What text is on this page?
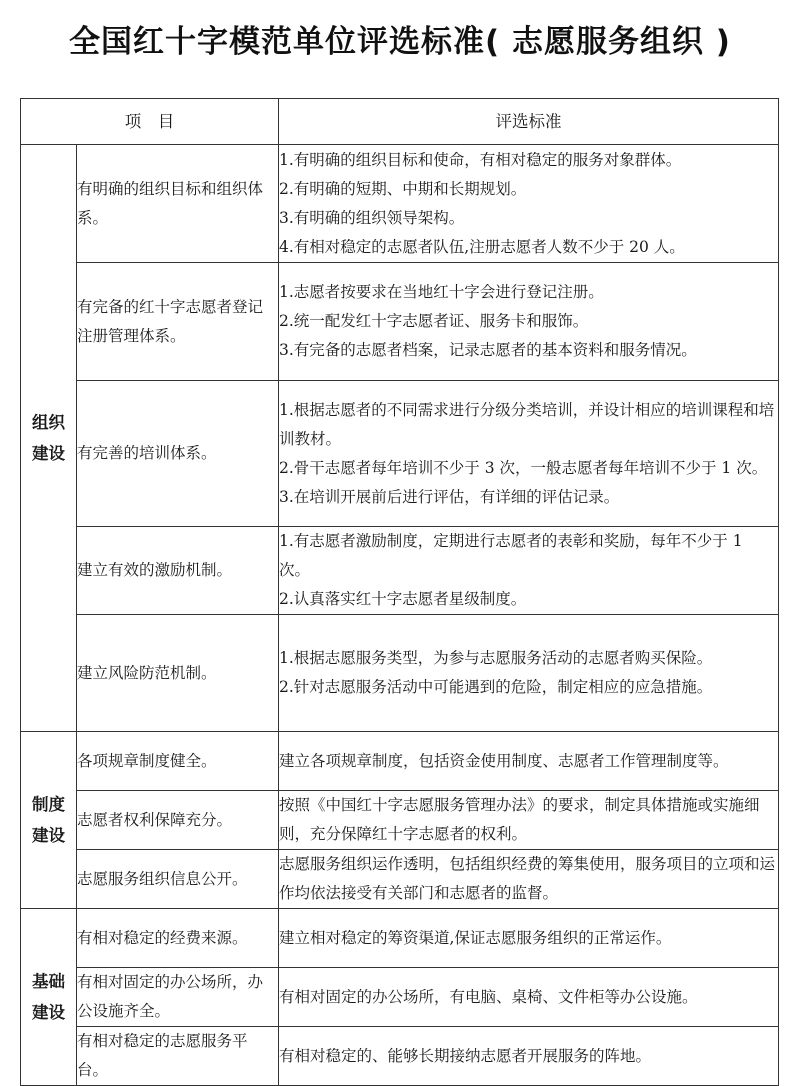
全国红十字模范单位评选标准( 志愿服务组织 )
项　目		评选标准

组织
建设	有明确的组织目标和组织体系。	1.有明确的组织目标和使命，有相对稳定的服务对象群体。
2.有明确的短期、中期和长期规划。
3.有明确的组织领导架构。
4.有相对稳定的志愿者队伍,注册志愿者人数不少于 20 人。

	有完备的红十字志愿者登记注册管理体系。	1.志愿者按要求在当地红十字会进行登记注册。
2.统一配发红十字志愿者证、服务卡和服饰。
3.有完备的志愿者档案，记录志愿者的基本资料和服务情况。

	有完善的培训体系。	1.根据志愿者的不同需求进行分级分类培训，并设计相应的培训课程和培训教材。
2.骨干志愿者每年培训不少于 3 次，一般志愿者每年培训不少于 1 次。
3.在培训开展前后进行评估，有详细的评估记录。

	建立有效的激励机制。	1.有志愿者激励制度，定期进行志愿者的表彰和奖励，每年不少于 1 次。
2.认真落实红十字志愿者星级制度。

	建立风险防范机制。	1.根据志愿服务类型，为参与志愿服务活动的志愿者购买保险。
2.针对志愿服务活动中可能遇到的危险，制定相应的应急措施。

制度
建设	各项规章制度健全。	建立各项规章制度，包括资金使用制度、志愿者工作管理制度等。

	志愿者权利保障充分。	按照《中国红十字志愿服务管理办法》的要求，制定具体措施或实施细则，充分保障红十字志愿者的权利。

	志愿服务组织信息公开。	志愿服务组织运作透明，包括组织经费的筹集使用，服务项目的立项和运作均依法接受有关部门和志愿者的监督。

基础
建设	有相对稳定的经费来源。	建立相对稳定的筹资渠道,保证志愿服务组织的正常运作。

	有相对固定的办公场所，办公设施齐全。	有相对固定的办公场所，有电脑、桌椅、文件柜等办公设施。

	有相对稳定的志愿服务平台。	有相对稳定的、能够长期接纳志愿者开展服务的阵地。
